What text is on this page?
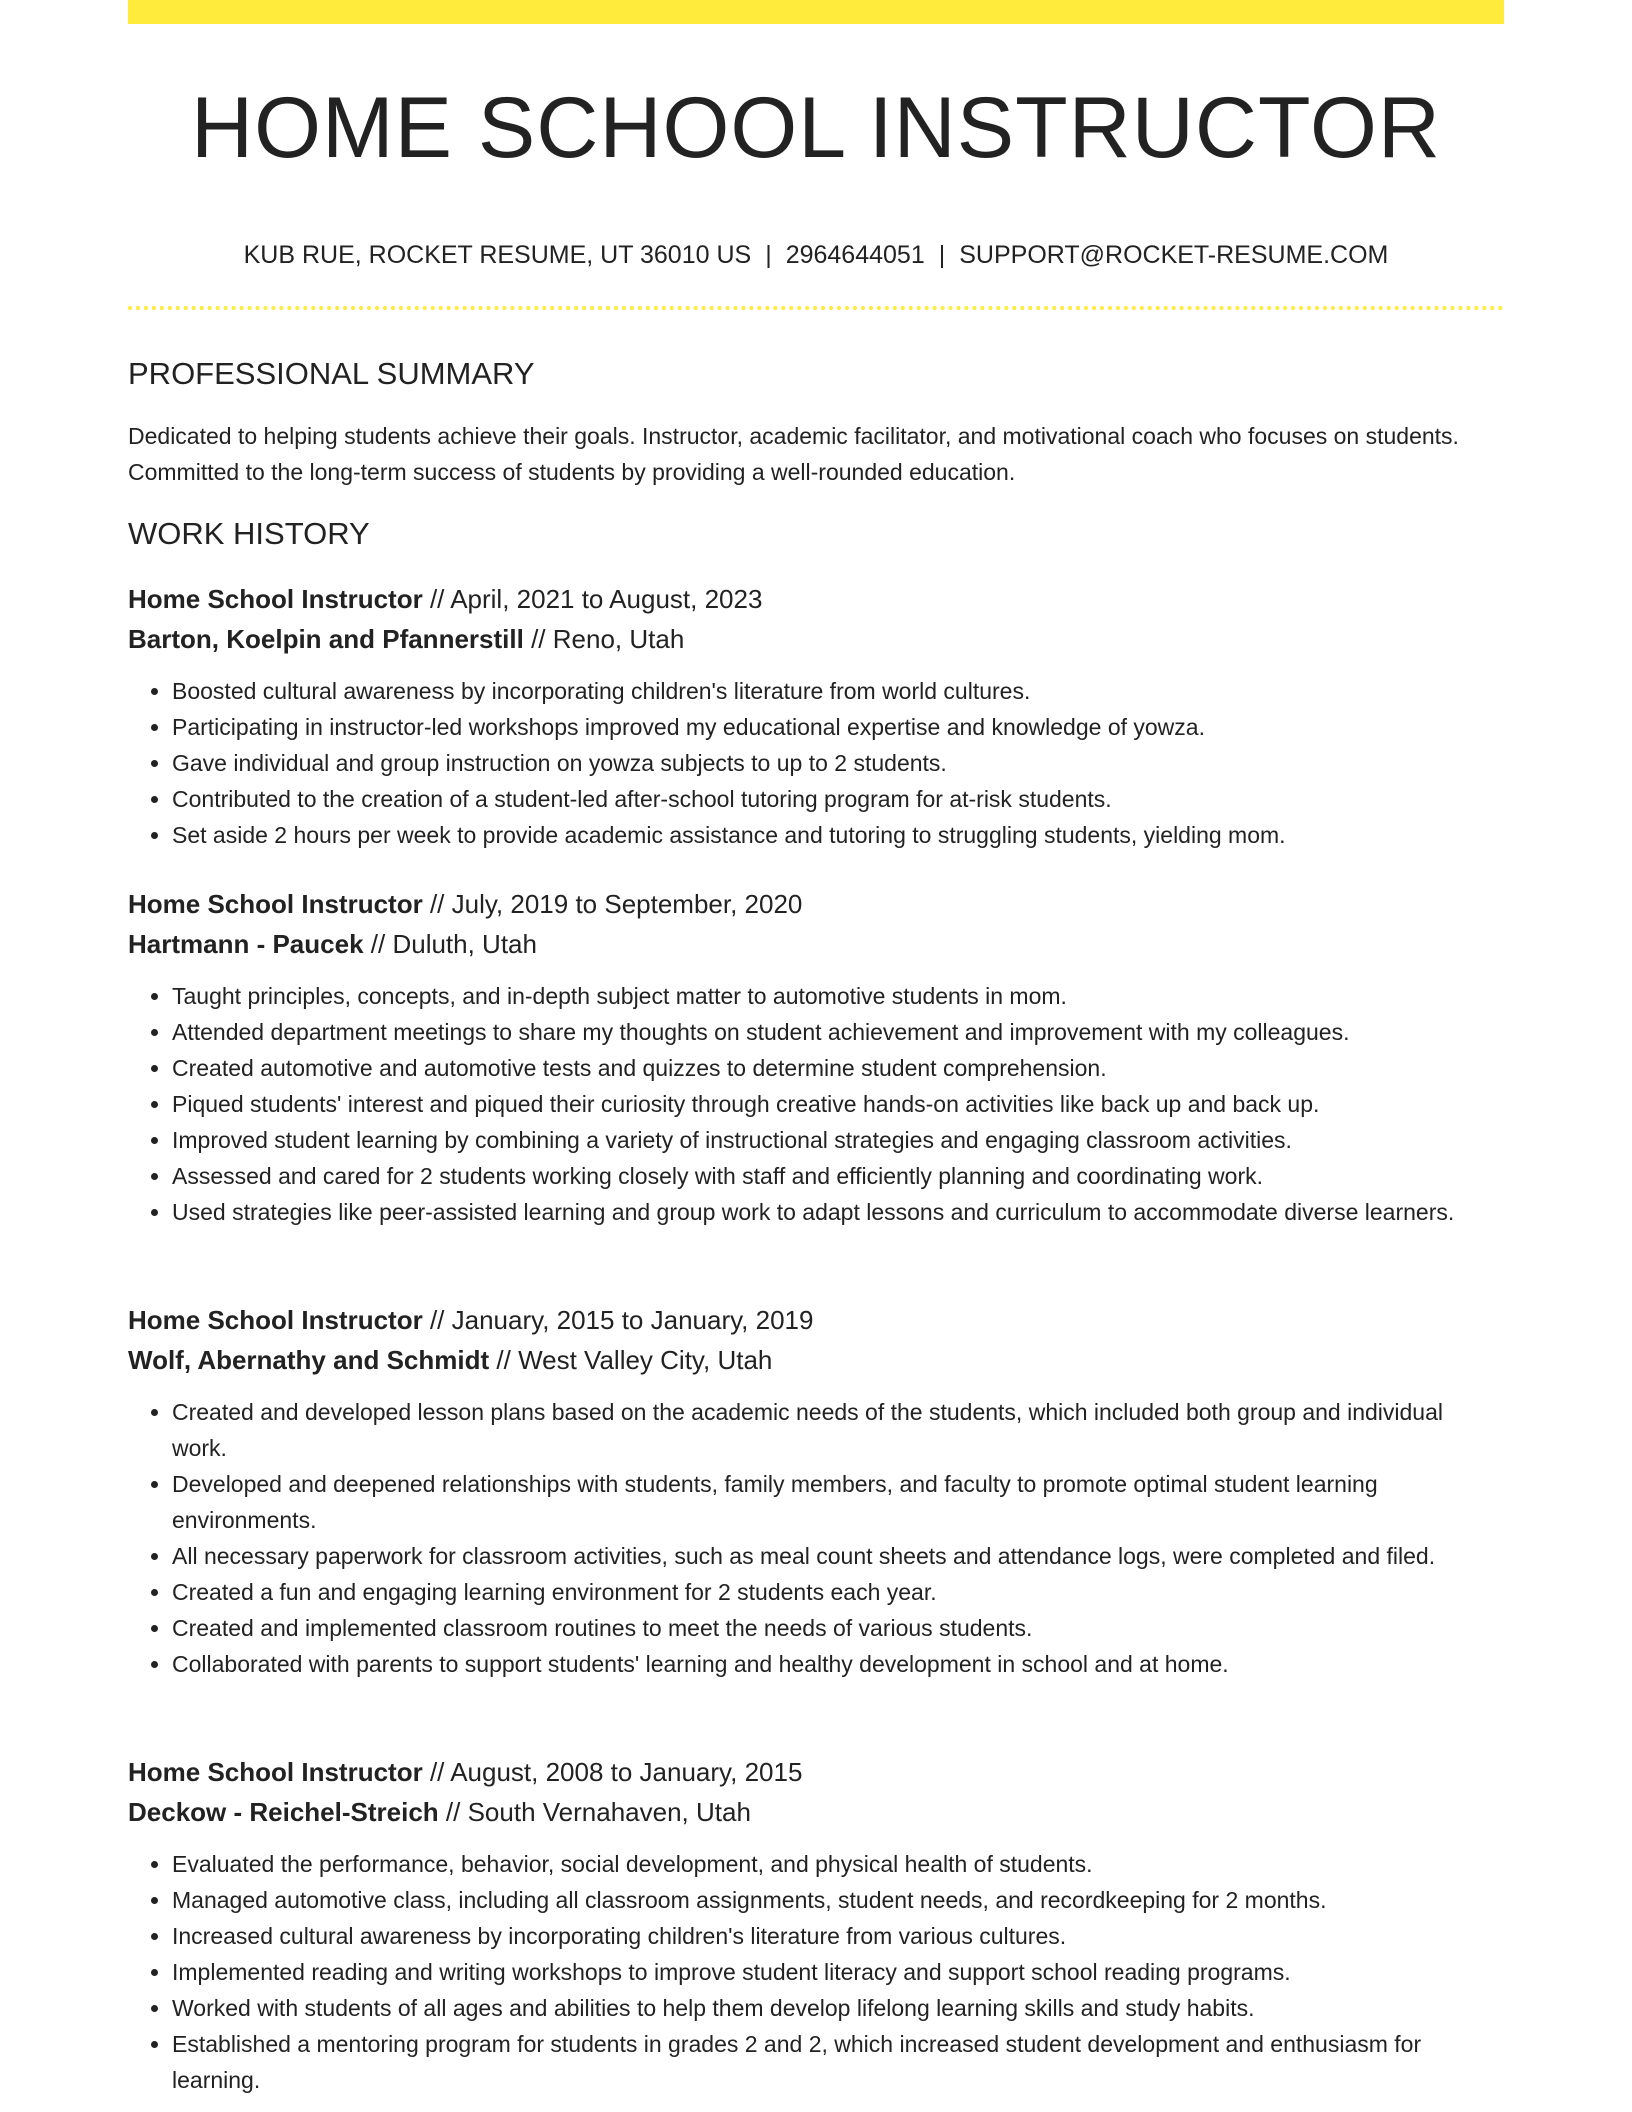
HOME SCHOOL INSTRUCTOR
KUB RUE, ROCKET RESUME, UT 36010 US | 2964644051 | SUPPORT@ROCKET-RESUME.COM
PROFESSIONAL SUMMARY

Dedicated to helping students achieve their goals. Instructor, academic facilitator, and motivational coach who focuses on students. Committed to the long-term success of students by providing a well-rounded education.

WORK HISTORY

Home School Instructor // April, 2021 to August, 2023

Barton, Koelpin and Pfannerstill // Reno, Utah

• Boosted cultural awareness by incorporating children's literature from world cultures.
• Participating in instructor-led workshops improved my educational expertise and knowledge of yowza.
• Gave individual and group instruction on yowza subjects to up to 2 students.
• Contributed to the creation of a student-led after-school tutoring program for at-risk students.
• Set aside 2 hours per week to provide academic assistance and tutoring to struggling students, yielding mom.

Home School Instructor // July, 2019 to September, 2020

Hartmann - Paucek // Duluth, Utah

• Taught principles, concepts, and in-depth subject matter to automotive students in mom.
• Attended department meetings to share my thoughts on student achievement and improvement with my colleagues.
• Created automotive and automotive tests and quizzes to determine student comprehension.
• Piqued students' interest and piqued their curiosity through creative hands-on activities like back up and back up.
• Improved student learning by combining a variety of instructional strategies and engaging classroom activities.
• Assessed and cared for 2 students working closely with staff and efficiently planning and coordinating work.
• Used strategies like peer-assisted learning and group work to adapt lessons and curriculum to accommodate diverse learners.

Home School Instructor // January, 2015 to January, 2019

Wolf, Abernathy and Schmidt // West Valley City, Utah

• Created and developed lesson plans based on the academic needs of the students, which included both group and individual work.
• Developed and deepened relationships with students, family members, and faculty to promote optimal student learning environments.
• All necessary paperwork for classroom activities, such as meal count sheets and attendance logs, were completed and filed.
• Created a fun and engaging learning environment for 2 students each year.
• Created and implemented classroom routines to meet the needs of various students.
• Collaborated with parents to support students' learning and healthy development in school and at home.

Home School Instructor // August, 2008 to January, 2015

Deckow - Reichel-Streich // South Vernahaven, Utah

• Evaluated the performance, behavior, social development, and physical health of students.
• Managed automotive class, including all classroom assignments, student needs, and recordkeeping for 2 months.
• Increased cultural awareness by incorporating children's literature from various cultures.
• Implemented reading and writing workshops to improve student literacy and support school reading programs.
• Worked with students of all ages and abilities to help them develop lifelong learning skills and study habits.
• Established a mentoring program for students in grades 2 and 2, which increased student development and enthusiasm for learning.
